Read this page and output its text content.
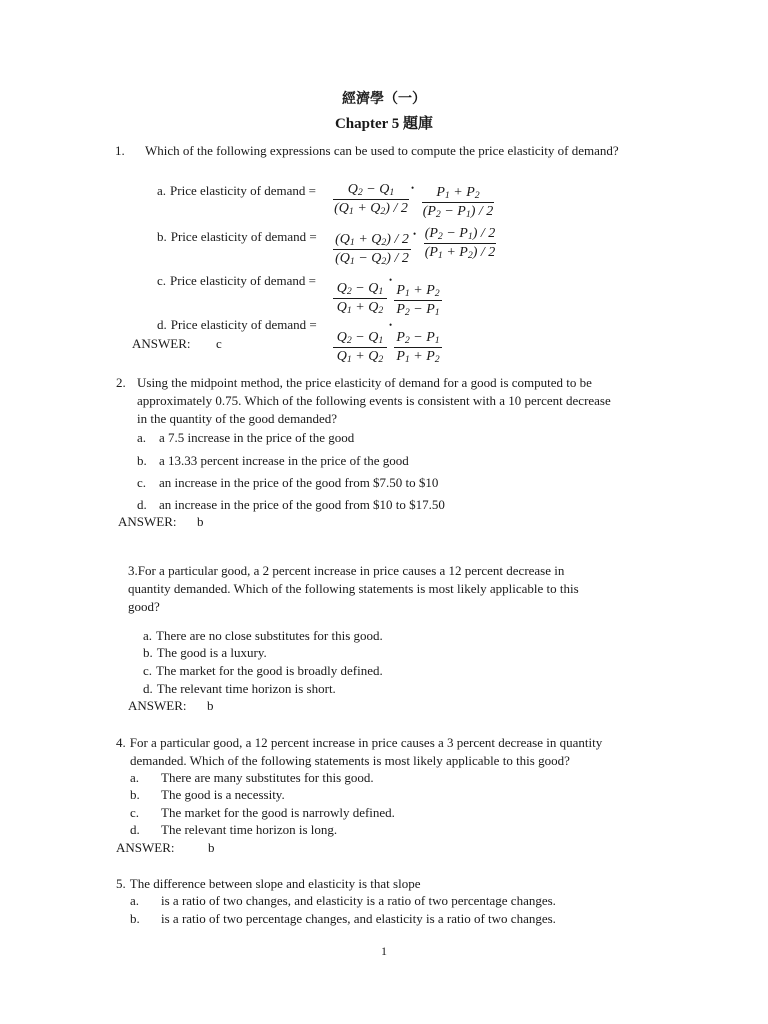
經濟學（一）
Chapter 5 題庫
1. Which of the following expressions can be used to compute the price elasticity of demand?
a. Price elasticity of demand = $\frac{Q_2 - Q_1}{(Q_1 + Q_2) / 2}$ • $\frac{P_1 + P_2}{(P_2 - P_1) / 2}$
b. Price elasticity of demand = $\frac{(Q_1 + Q_2) / 2}{(Q_1 - Q_2) / 2}$ • $\frac{(P_2 - P_1) / 2}{(P_1 + P_2) / 2}$
c. Price elasticity of demand = $\frac{Q_2 - Q_1}{Q_1 + Q_2}$ •
$\frac{P_1 + P_2}{P_2 - P_1}$
d. Price elasticity of demand =
$\frac{Q_2 - Q_1}{Q_1 + Q_2}$
•
$\frac{P_2 - P_1}{P_1 + P_2}$
ANSWER: c
2. Using the midpoint method, the price elasticity of demand for a good is computed to be
approximately 0.75. Which of the following events is consistent with a 10 percent decrease
in the quantity of the good demanded?
a. a 7.5 increase in the price of the good
b. a 13.33 percent increase in the price of the good
c. an increase in the price of the good from $7.50 to $10
d. an increase in the price of the good from $10 to $17.50
ANSWER: b
3.For a particular good, a 2 percent increase in price causes a 12 percent decrease in
quantity demanded. Which of the following statements is most likely applicable to this
good?
a. There are no close substitutes for this good.
b. The good is a luxury.
c. The market for the good is broadly defined.
d. The relevant time horizon is short.
ANSWER: b
4. For a particular good, a 12 percent increase in price causes a 3 percent decrease in quantity
demanded. Which of the following statements is most likely applicable to this good?
a. There are many substitutes for this good.
b. The good is a necessity.
c. The market for the good is narrowly defined.
d. The relevant time horizon is long.
ANSWER:	b
5. The difference between slope and elasticity is that slope
a. is a ratio of two changes, and elasticity is a ratio of two percentage changes.
b. is a ratio of two percentage changes, and elasticity is a ratio of two changes.
1
